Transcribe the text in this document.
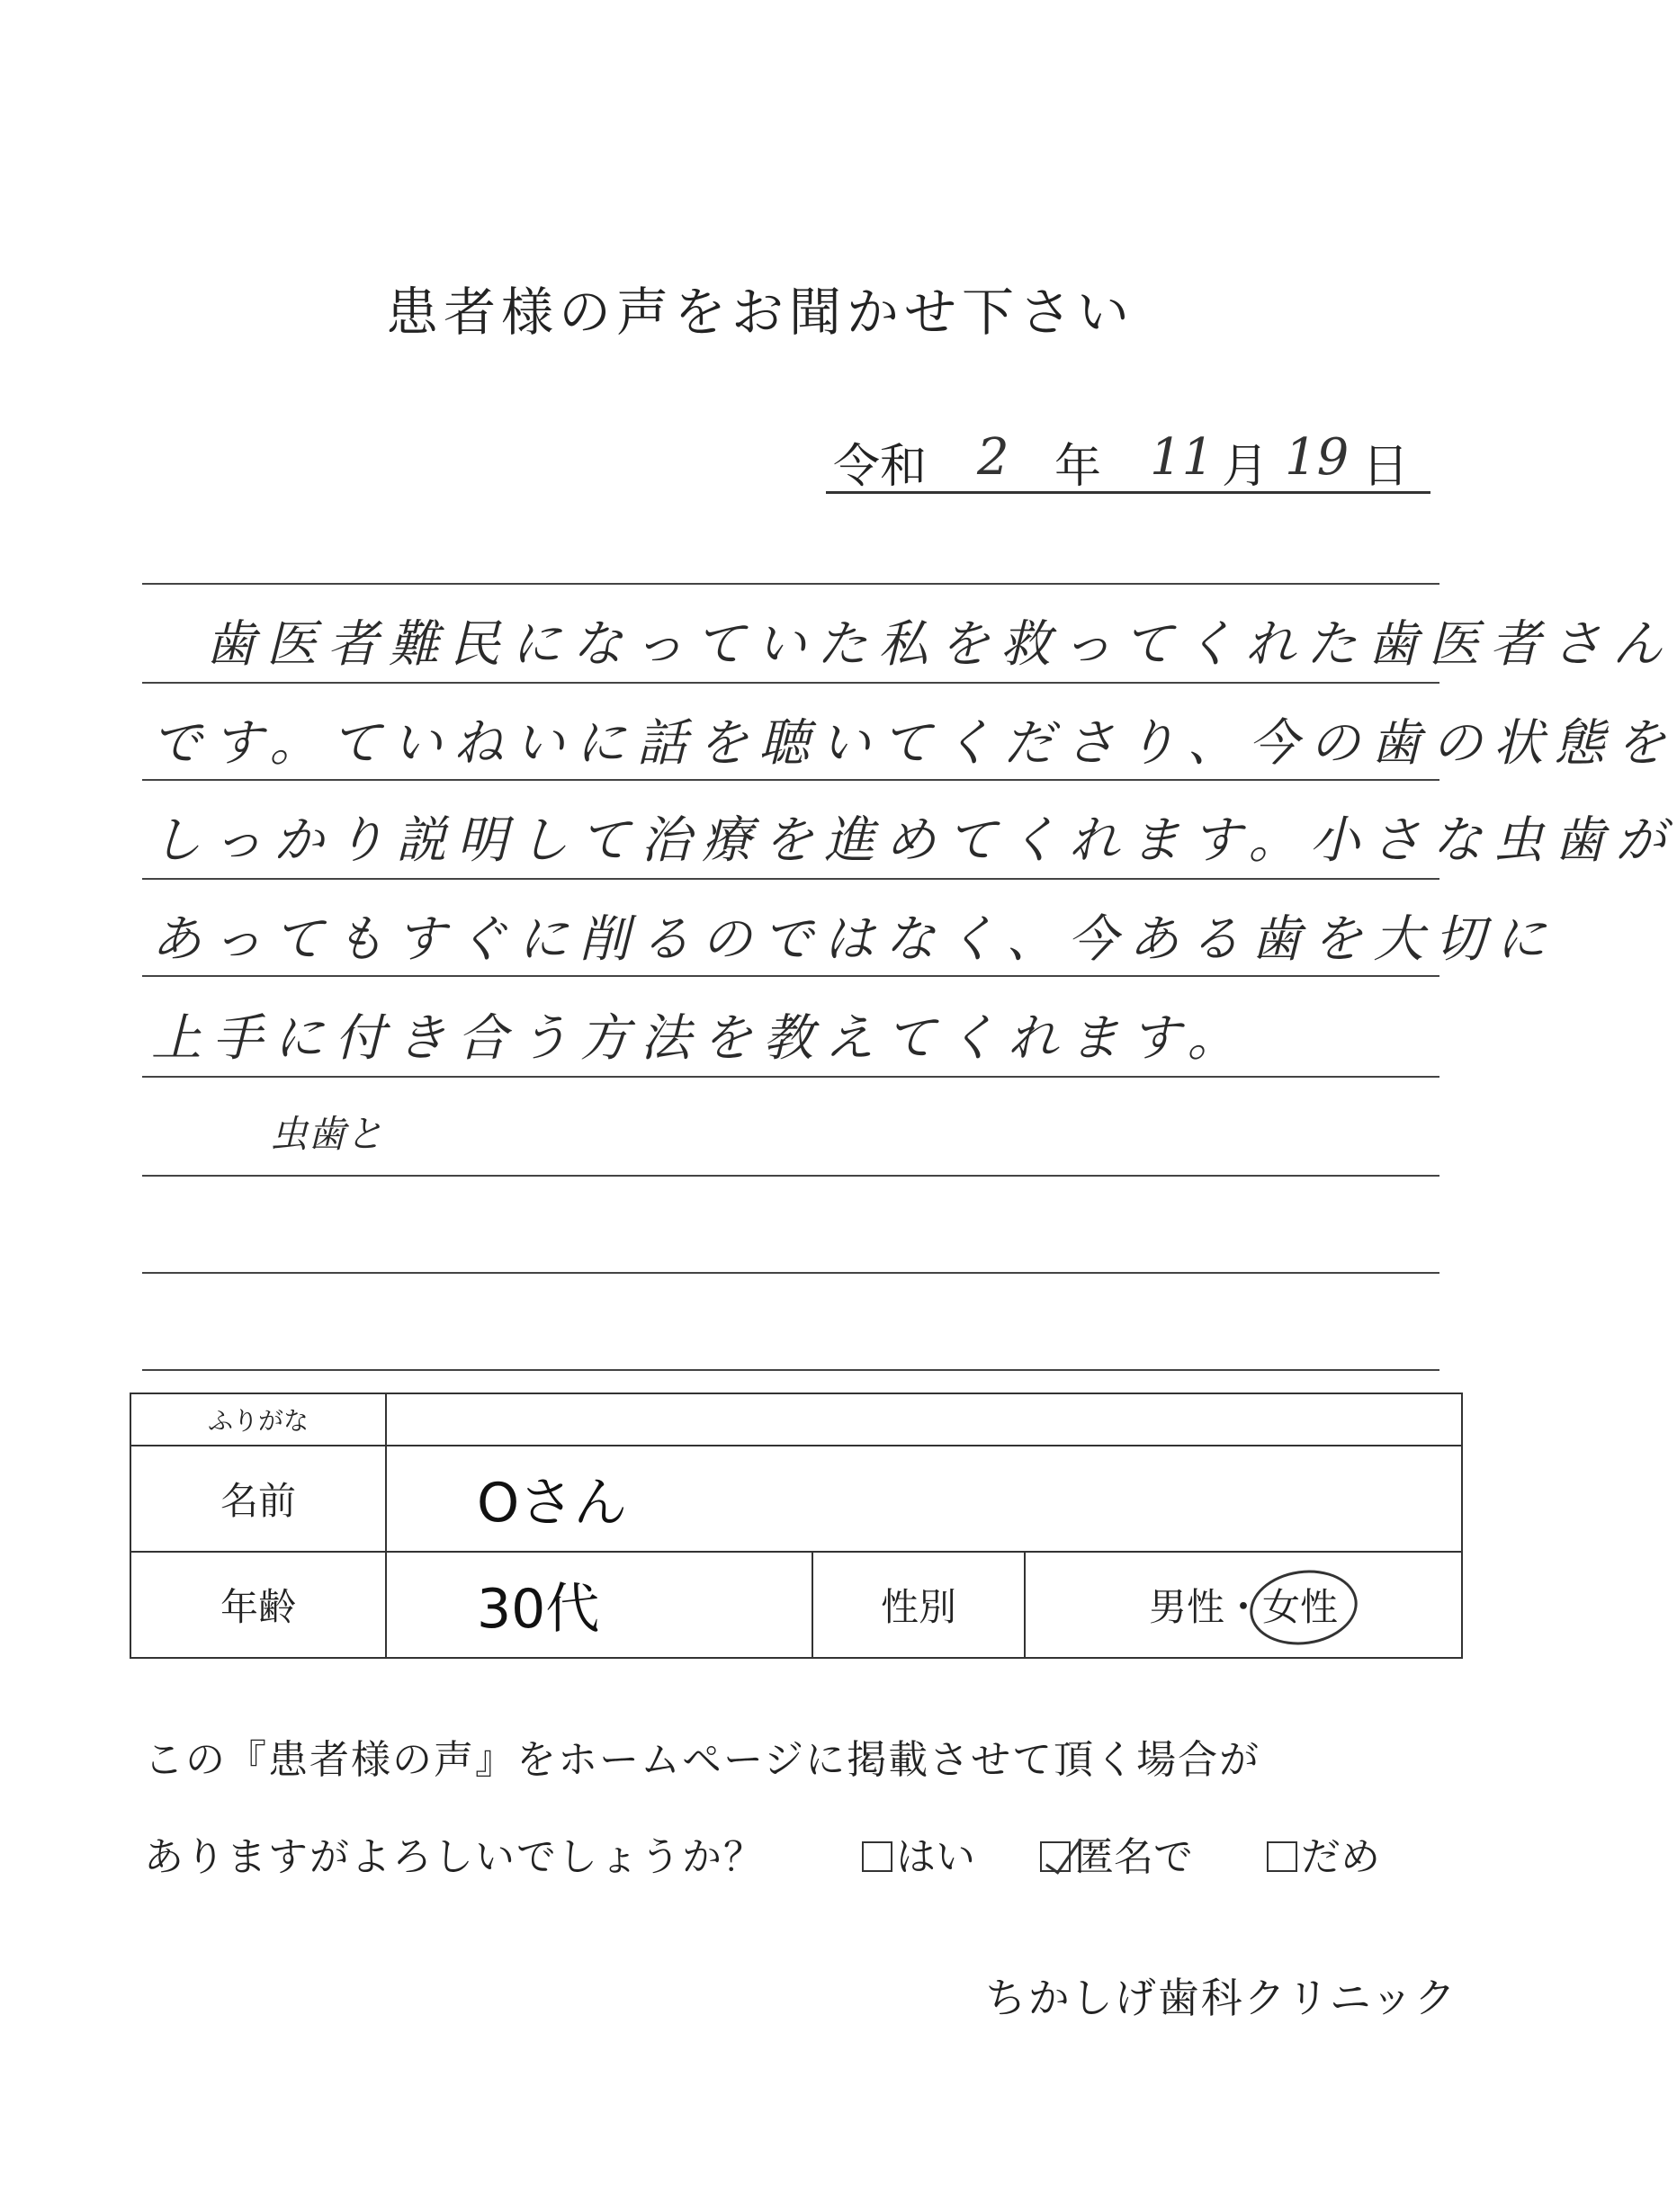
患者様の声をお聞かせ下さい
令和 2 年 11 月 19 日
歯医者難民になっていた私を救ってくれた歯医者さん
です。ていねいに話を聴いてくださり、今の歯の状態を
しっかり説明して治療を進めてくれます。小さな虫歯が
あってもすぐに削るのではなく、今ある歯を大切に
上手に付き合う方法を教えてくれます。
虫歯と
ふりがな			
名前	Oさん		
年齢	30代	性別	男性・女性
この『患者様の声』をホームページに掲載させて頂く場合が
ありますがよろしいでしょうか？	はい	匿名で	だめ
ちかしげ歯科クリニック
